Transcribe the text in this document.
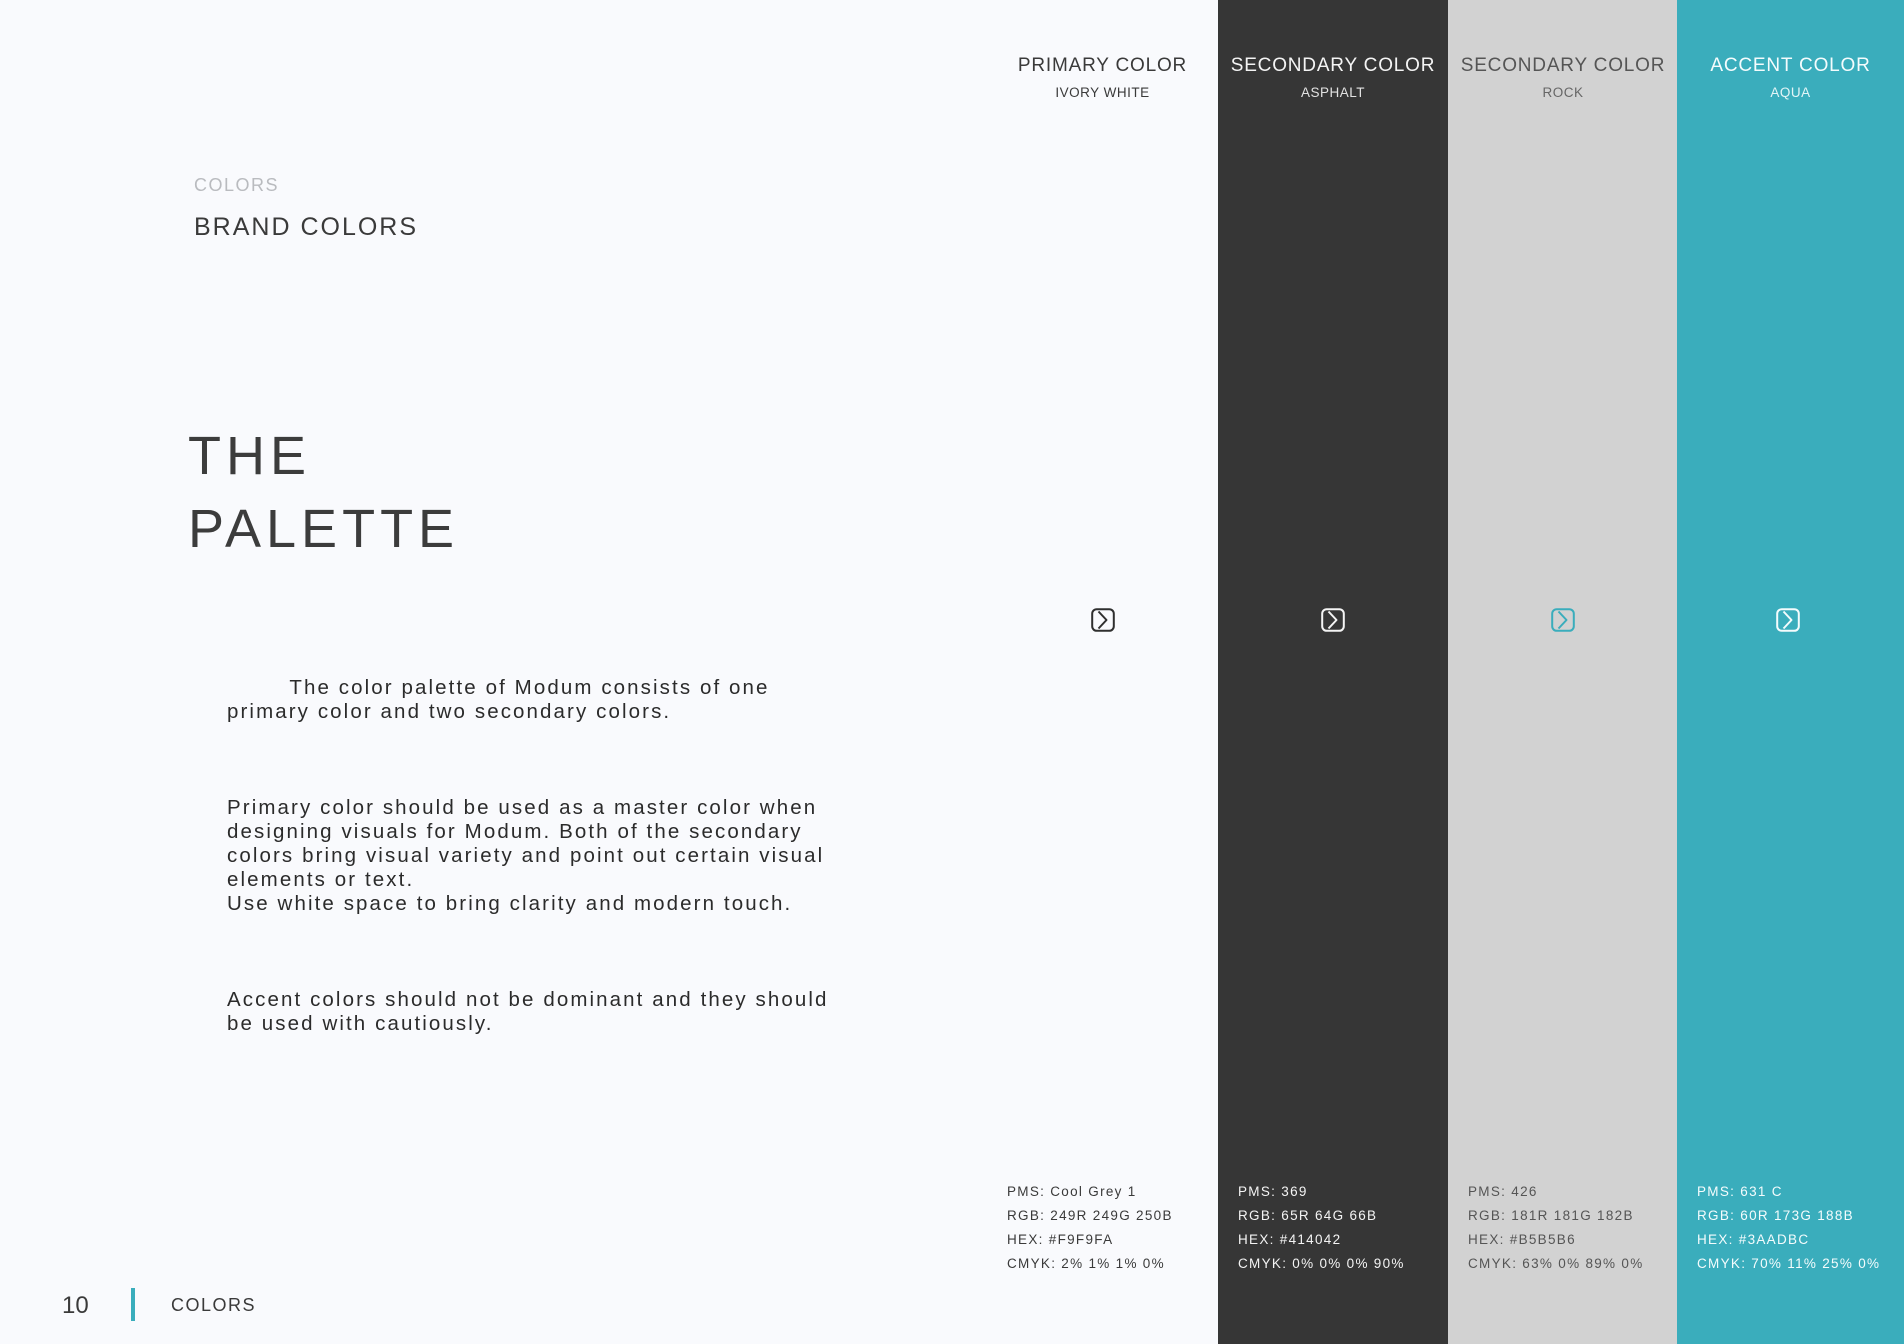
COLORS
BRAND COLORS
THE
PALETTE

The color palette of Modum consists of one primary color and two secondary colors.

Primary color should be used as a master color when designing visuals for Modum. Both of the secondary colors bring visual variety and point out certain visual elements or text.
Use white space to bring clarity and modern touch.

Accent colors should not be dominant and they should be used with cautiously.

PRIMARY COLOR
IVORY WHITE
PMS: Cool Grey 1
RGB: 249R 249G 250B
HEX: #F9F9FA
CMYK: 2% 1% 1% 0%
SECONDARY COLOR
ASPHALT
PMS: 369
RGB: 65R 64G 66B
HEX: #414042
CMYK: 0% 0% 0% 90%
SECONDARY COLOR
ROCK
PMS: 426
RGB: 181R 181G 182B
HEX: #B5B5B6
CMYK: 63% 0% 89% 0%
ACCENT COLOR
AQUA
PMS: 631 C
RGB: 60R 173G 188B
HEX: #3AADBC
CMYK: 70% 11% 25% 0%
10	COLORS
